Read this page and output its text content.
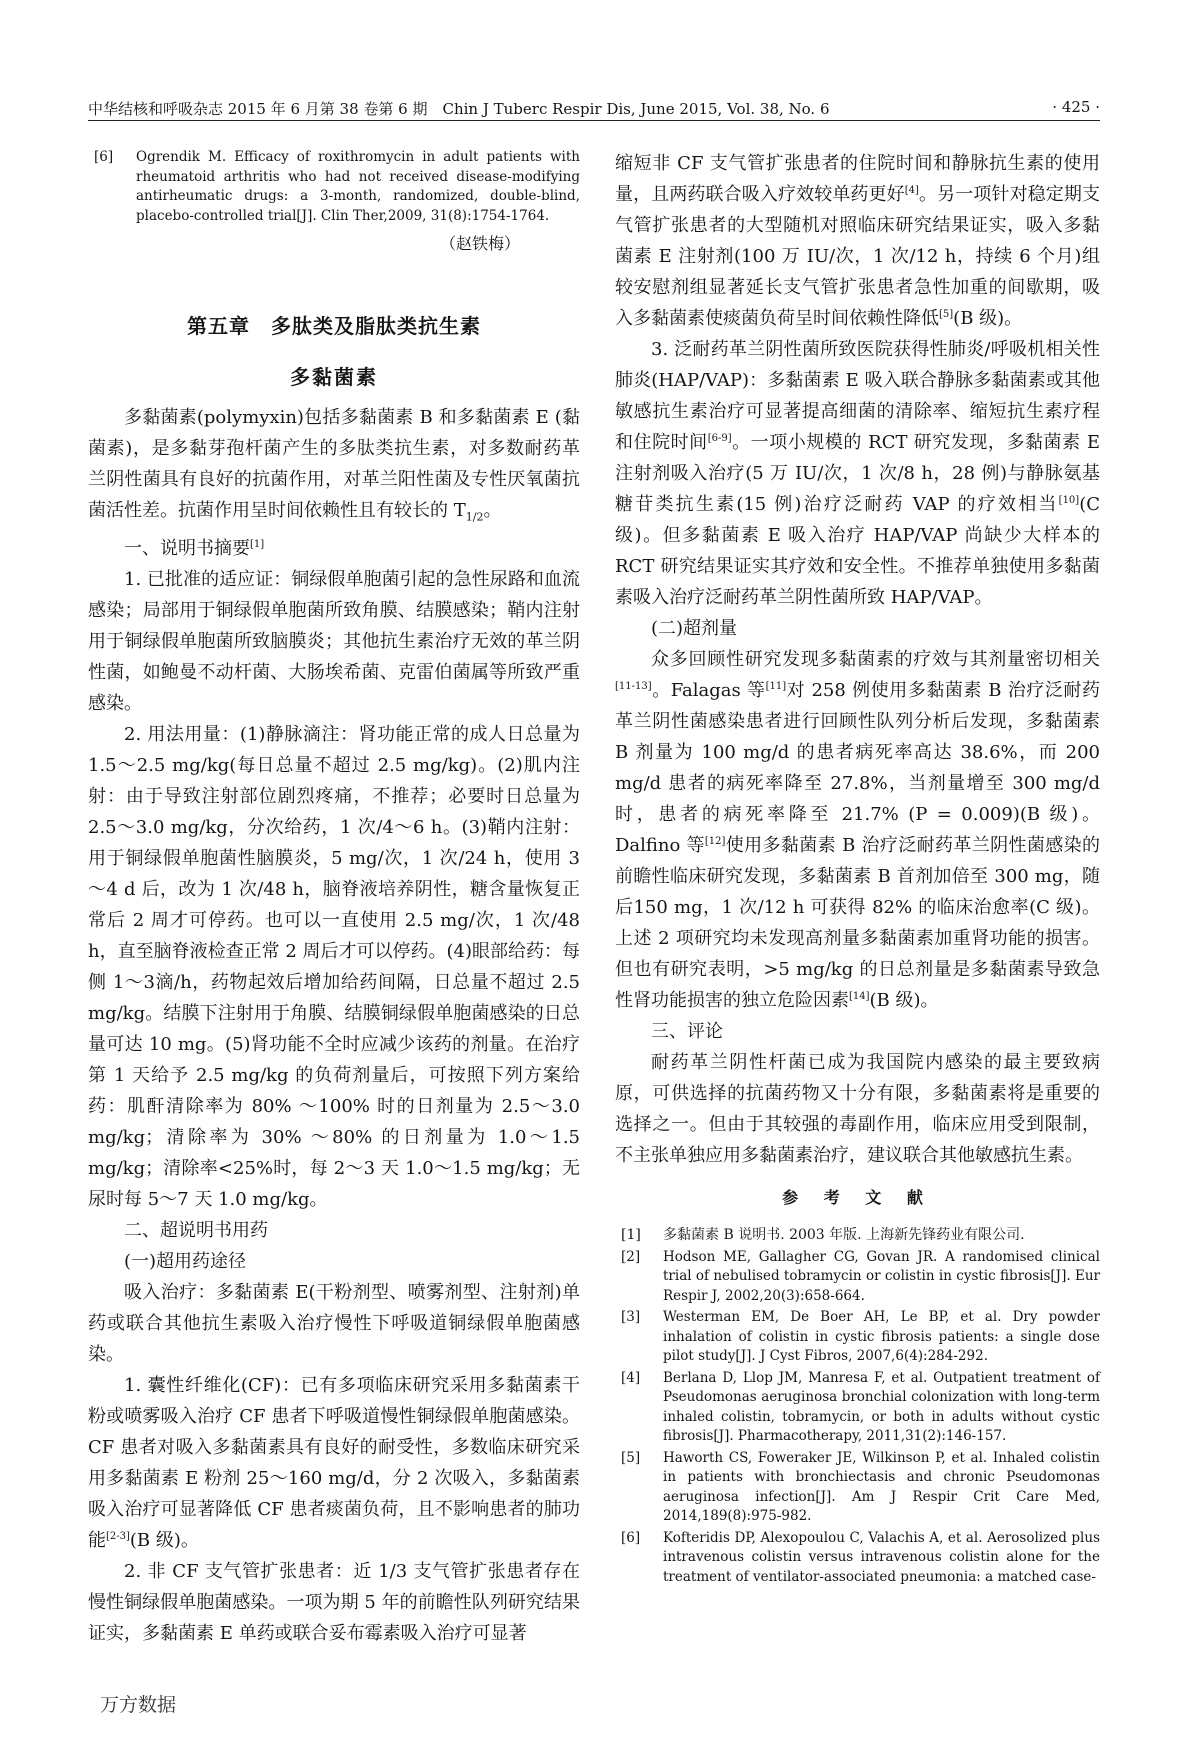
中华结核和呼吸杂志 2015 年 6 月第 38 卷第 6 期　Chin J Tuberc Respir Dis, June 2015, Vol. 38, No. 6	· 425 ·
[6] Ogrendik M. Efficacy of roxithromycin in adult patients with rheumatoid arthritis who had not received disease-modifying antirheumatic drugs: a 3-month, randomized, double-blind, placebo-controlled trial[J]. Clin Ther,2009, 31(8):1754-1764.
（赵铁梅）
第五章　多肽类及脂肽类抗生素
多黏菌素

多黏菌素(polymyxin)包括多黏菌素 B 和多黏菌素 E (黏菌素)，是多黏芽孢杆菌产生的多肽类抗生素，对多数耐药革兰阴性菌具有良好的抗菌作用，对革兰阳性菌及专性厌氧菌抗菌活性差。抗菌作用呈时间依赖性且有较长的 $T_{1/2}$。

一、说明书摘要[1]

1. 已批准的适应证：铜绿假单胞菌引起的急性尿路和血流感染；局部用于铜绿假单胞菌所致角膜、结膜感染；鞘内注射用于铜绿假单胞菌所致脑膜炎；其他抗生素治疗无效的革兰阴性菌，如鲍曼不动杆菌、大肠埃希菌、克雷伯菌属等所致严重感染。

2. 用法用量：(1)静脉滴注：肾功能正常的成人日总量为 1.5～2.5 mg/kg(每日总量不超过 2.5 mg/kg)。(2)肌内注射：由于导致注射部位剧烈疼痛，不推荐；必要时日总量为 2.5～3.0 mg/kg，分次给药，1 次/4～6 h。(3)鞘内注射：用于铜绿假单胞菌性脑膜炎，5 mg/次，1 次/24 h，使用 3～4 d 后，改为 1 次/48 h，脑脊液培养阴性，糖含量恢复正常后 2 周才可停药。也可以一直使用 2.5 mg/次，1 次/48 h，直至脑脊液检查正常 2 周后才可以停药。(4)眼部给药：每侧 1～3滴/h，药物起效后增加给药间隔，日总量不超过 2.5 mg/kg。结膜下注射用于角膜、结膜铜绿假单胞菌感染的日总量可达 10 mg。(5)肾功能不全时应减少该药的剂量。在治疗第 1 天给予 2.5 mg/kg 的负荷剂量后，可按照下列方案给药：肌酐清除率为 80% ～100% 时的日剂量为 2.5～3.0 mg/kg；清除率为 30% ～80% 的日剂量为 1.0～1.5 mg/kg；清除率<25%时，每 2～3 天 1.0～1.5 mg/kg；无尿时每 5～7 天 1.0 mg/kg。

二、超说明书用药

(一)超用药途径

吸入治疗：多黏菌素 E(干粉剂型、喷雾剂型、注射剂)单药或联合其他抗生素吸入治疗慢性下呼吸道铜绿假单胞菌感染。

1. 囊性纤维化(CF)：已有多项临床研究采用多黏菌素干粉或喷雾吸入治疗 CF 患者下呼吸道慢性铜绿假单胞菌感染。CF 患者对吸入多黏菌素具有良好的耐受性，多数临床研究采用多黏菌素 E 粉剂 25～160 mg/d，分 2 次吸入，多黏菌素吸入治疗可显著降低 CF 患者痰菌负荷，且不影响患者的肺功能[2-3](B 级)。

2. 非 CF 支气管扩张患者：近 1/3 支气管扩张患者存在慢性铜绿假单胞菌感染。一项为期 5 年的前瞻性队列研究结果证实，多黏菌素 E 单药或联合妥布霉素吸入治疗可显著

缩短非 CF 支气管扩张患者的住院时间和静脉抗生素的使用量，且两药联合吸入疗效较单药更好[4]。另一项针对稳定期支气管扩张患者的大型随机对照临床研究结果证实，吸入多黏菌素 E 注射剂(100 万 IU/次，1 次/12 h，持续 6 个月)组较安慰剂组显著延长支气管扩张患者急性加重的间歇期，吸入多黏菌素使痰菌负荷呈时间依赖性降低[5](B 级)。

3. 泛耐药革兰阴性菌所致医院获得性肺炎/呼吸机相关性肺炎(HAP/VAP)：多黏菌素 E 吸入联合静脉多黏菌素或其他敏感抗生素治疗可显著提高细菌的清除率、缩短抗生素疗程和住院时间[6-9]。一项小规模的 RCT 研究发现，多黏菌素 E 注射剂吸入治疗(5 万 IU/次，1 次/8 h，28 例)与静脉氨基糖苷类抗生素(15 例)治疗泛耐药 VAP 的疗效相当[10](C 级)。但多黏菌素 E 吸入治疗 HAP/VAP 尚缺少大样本的 RCT 研究结果证实其疗效和安全性。不推荐单独使用多黏菌素吸入治疗泛耐药革兰阴性菌所致 HAP/VAP。

(二)超剂量

众多回顾性研究发现多黏菌素的疗效与其剂量密切相关[11-13]。Falagas 等[11]对 258 例使用多黏菌素 B 治疗泛耐药革兰阴性菌感染患者进行回顾性队列分析后发现，多黏菌素 B 剂量为 100 mg/d 的患者病死率高达 38.6%，而 200 mg/d 患者的病死率降至 27.8%，当剂量增至 300 mg/d 时，患者的病死率降至 21.7% (P = 0.009)(B 级)。Dalfino 等[12]使用多黏菌素 B 治疗泛耐药革兰阴性菌感染的前瞻性临床研究发现，多黏菌素 B 首剂加倍至 300 mg，随后150 mg，1 次/12 h 可获得 82% 的临床治愈率(C 级)。上述 2 项研究均未发现高剂量多黏菌素加重肾功能的损害。但也有研究表明，>5 mg/kg 的日总剂量是多黏菌素导致急性肾功能损害的独立危险因素[14](B 级)。

三、评论

耐药革兰阴性杆菌已成为我国院内感染的最主要致病原，可供选择的抗菌药物又十分有限，多黏菌素将是重要的选择之一。但由于其较强的毒副作用，临床应用受到限制，不主张单独应用多黏菌素治疗，建议联合其他敏感抗生素。

参 考 文 献
[1] 多黏菌素 B 说明书. 2003 年版. 上海新先锋药业有限公司.
[2] Hodson ME, Gallagher CG, Govan JR. A randomised clinical trial of nebulised tobramycin or colistin in cystic fibrosis[J]. Eur Respir J, 2002,20(3):658-664.
[3] Westerman EM, De Boer AH, Le BP, et al. Dry powder inhalation of colistin in cystic fibrosis patients: a single dose pilot study[J]. J Cyst Fibros, 2007,6(4):284-292.
[4] Berlana D, Llop JM, Manresa F, et al. Outpatient treatment of Pseudomonas aeruginosa bronchial colonization with long-term inhaled colistin, tobramycin, or both in adults without cystic fibrosis[J]. Pharmacotherapy, 2011,31(2):146-157.
[5] Haworth CS, Foweraker JE, Wilkinson P, et al. Inhaled colistin in patients with bronchiectasis and chronic Pseudomonas aeruginosa infection[J]. Am J Respir Crit Care Med, 2014,189(8):975-982.
[6] Kofteridis DP, Alexopoulou C, Valachis A, et al. Aerosolized plus intravenous colistin versus intravenous colistin alone for the treatment of ventilator-associated pneumonia: a matched case-
万方数据
